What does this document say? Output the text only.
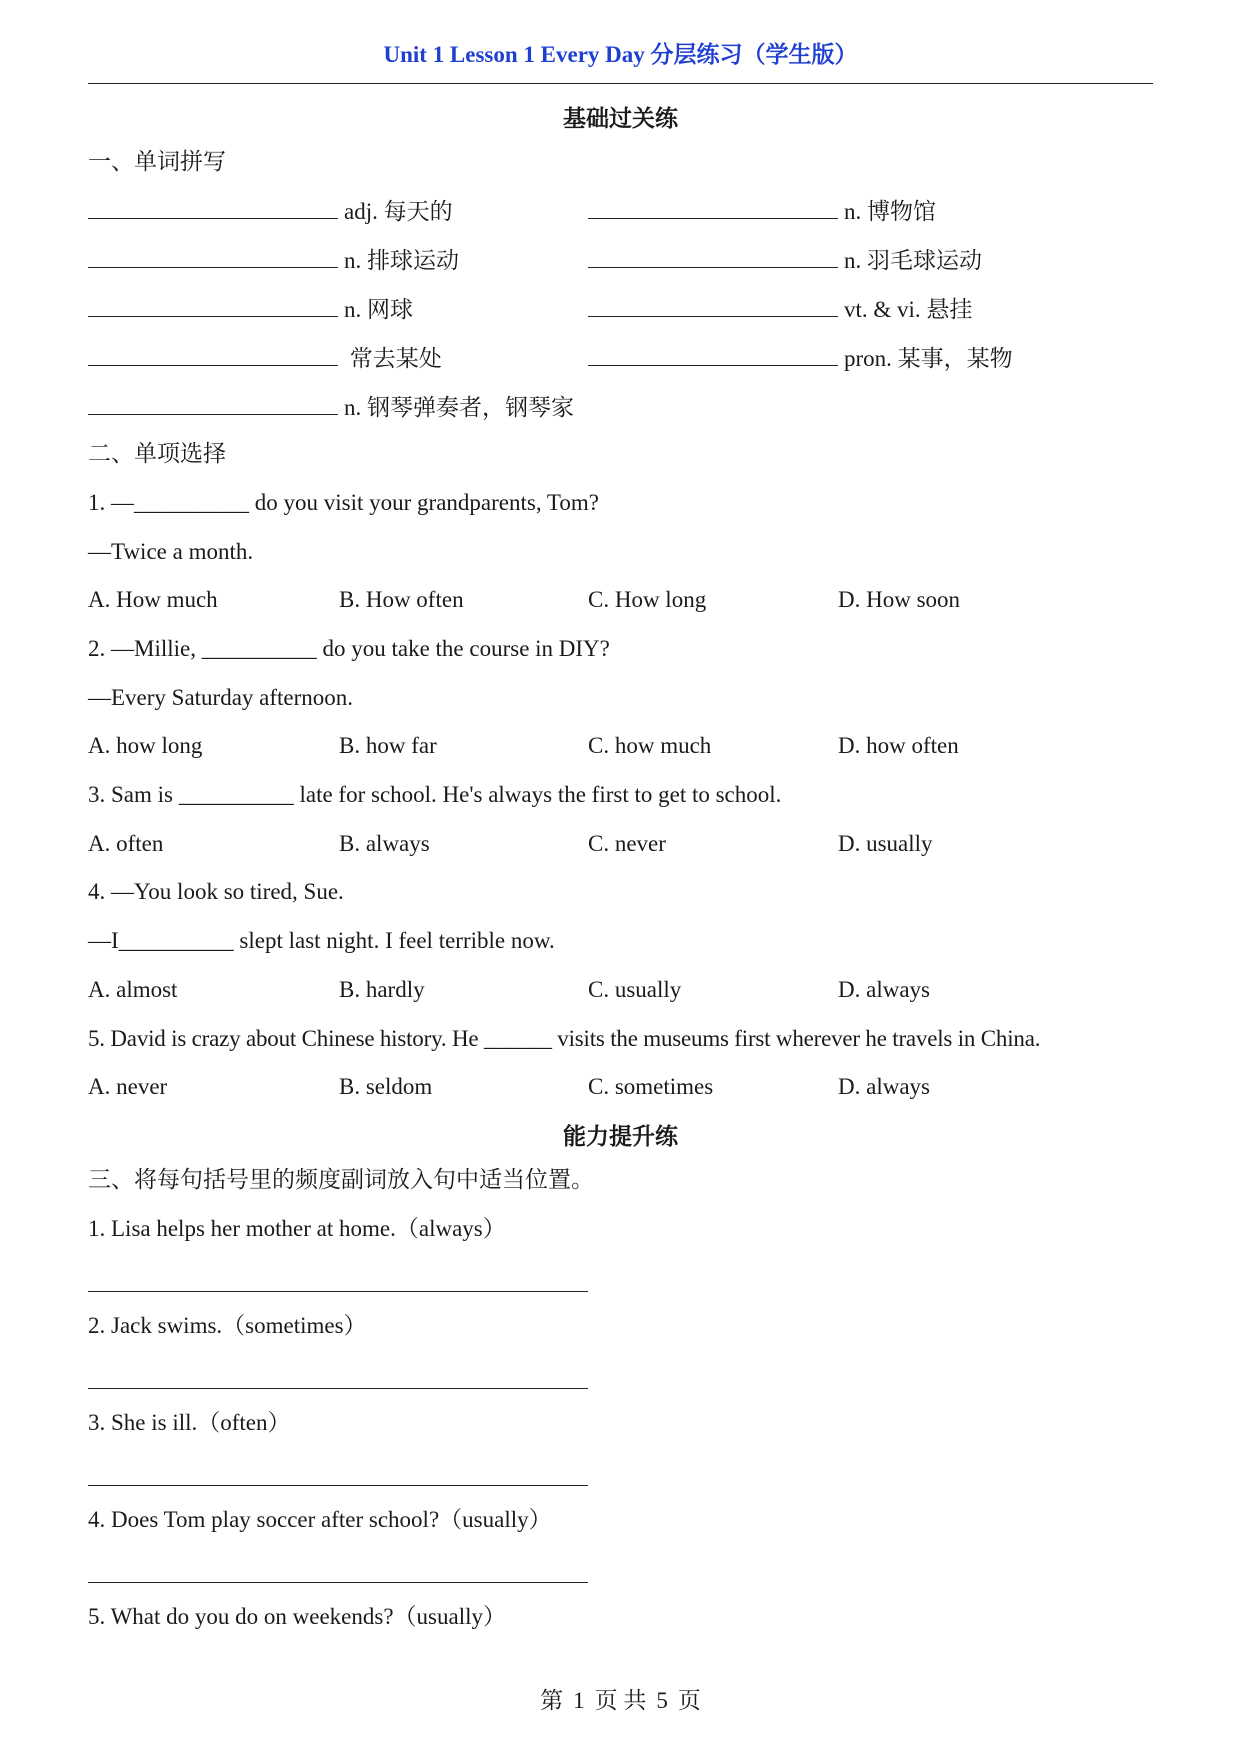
Unit 1 Lesson 1 Every Day 分层练习（学生版）
基础过关练
一、单词拼写
adj. 每天的	n. 博物馆
n. 排球运动	n. 羽毛球运动
n. 网球	vt. & vi. 悬挂
常去某处	pron. 某事，某物
n. 钢琴弹奏者，钢琴家
二、单项选择
1. —__________ do you visit your grandparents, Tom?
—Twice a month.
A. How much	B. How often	C. How long	D. How soon
2. —Millie, __________ do you take the course in DIY?
—Every Saturday afternoon.
A. how long	B. how far	C. how much	D. how often
3. Sam is __________ late for school. He's always the first to get to school.
A. often	B. always	C. never	D. usually
4. —You look so tired, Sue.
—I__________ slept last night. I feel terrible now.
A. almost	B. hardly	C. usually	D. always
5. David is crazy about Chinese history. He ______ visits the museums first wherever he travels in China.
A. never	B. seldom	C. sometimes	D. always
能力提升练
三、将每句括号里的频度副词放入句中适当位置。
1. Lisa helps her mother at home.（always）
2. Jack swims.（sometimes）
3. She is ill.（often）
4. Does Tom play soccer after school?（usually）
5. What do you do on weekends?（usually）
第 1 页 共 5 页
